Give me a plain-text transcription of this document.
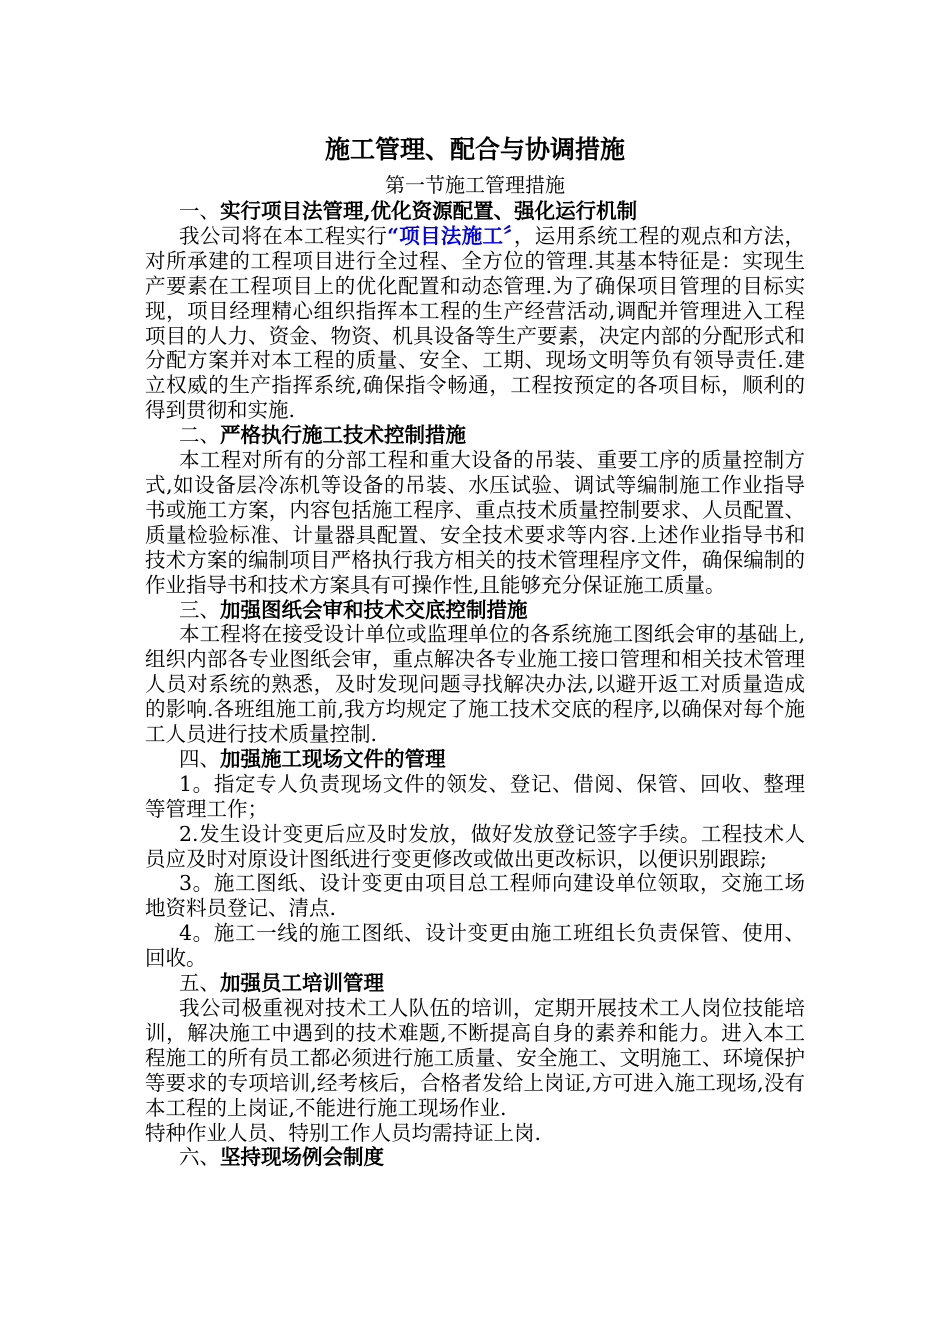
施工管理、配合与协调措施
第一节施工管理措施

一、实行项目法管理,优化资源配置、强化运行机制

我公司将在本工程实行“项目法施工〞，运用系统工程的观点和方法，对所承建的工程项目进行全过程、全方位的管理.其基本特征是：实现生产要素在工程项目上的优化配置和动态管理.为了确保项目管理的目标实现，项目经理精心组织指挥本工程的生产经营活动,调配并管理进入工程项目的人力、资金、物资、机具设备等生产要素，决定内部的分配形式和分配方案并对本工程的质量、安全、工期、现场文明等负有领导责任.建立权威的生产指挥系统,确保指令畅通，工程按预定的各项目标，顺利的得到贯彻和实施.

二、严格执行施工技术控制措施

本工程对所有的分部工程和重大设备的吊装、重要工序的质量控制方式,如设备层冷冻机等设备的吊装、水压试验、调试等编制施工作业指导书或施工方案，内容包括施工程序、重点技术质量控制要求、人员配置、质量检验标准、计量器具配置、安全技术要求等内容.上述作业指导书和技术方案的编制项目严格执行我方相关的技术管理程序文件，确保编制的作业指导书和技术方案具有可操作性,且能够充分保证施工质量。

三、加强图纸会审和技术交底控制措施

本工程将在接受设计单位或监理单位的各系统施工图纸会审的基础上,组织内部各专业图纸会审，重点解决各专业施工接口管理和相关技术管理人员对系统的熟悉，及时发现问题寻找解决办法,以避开返工对质量造成的影响.各班组施工前,我方均规定了施工技术交底的程序,以确保对每个施工人员进行技术质量控制.

四、加强施工现场文件的管理

1。指定专人负责现场文件的领发、登记、借阅、保管、回收、整理等管理工作；

2.发生设计变更后应及时发放，做好发放登记签字手续。工程技术人员应及时对原设计图纸进行变更修改或做出更改标识，以便识别跟踪;

3。施工图纸、设计变更由项目总工程师向建设单位领取，交施工场地资料员登记、清点.

4。施工一线的施工图纸、设计变更由施工班组长负责保管、使用、回收。

五、加强员工培训管理

我公司极重视对技术工人队伍的培训，定期开展技术工人岗位技能培训，解决施工中遇到的技术难题,不断提高自身的素养和能力。进入本工程施工的所有员工都必须进行施工质量、安全施工、文明施工、环境保护等要求的专项培训,经考核后，合格者发给上岗证,方可进入施工现场,没有本工程的上岗证,不能进行施工现场作业.

特种作业人员、特别工作人员均需持证上岗.

六、坚持现场例会制度
